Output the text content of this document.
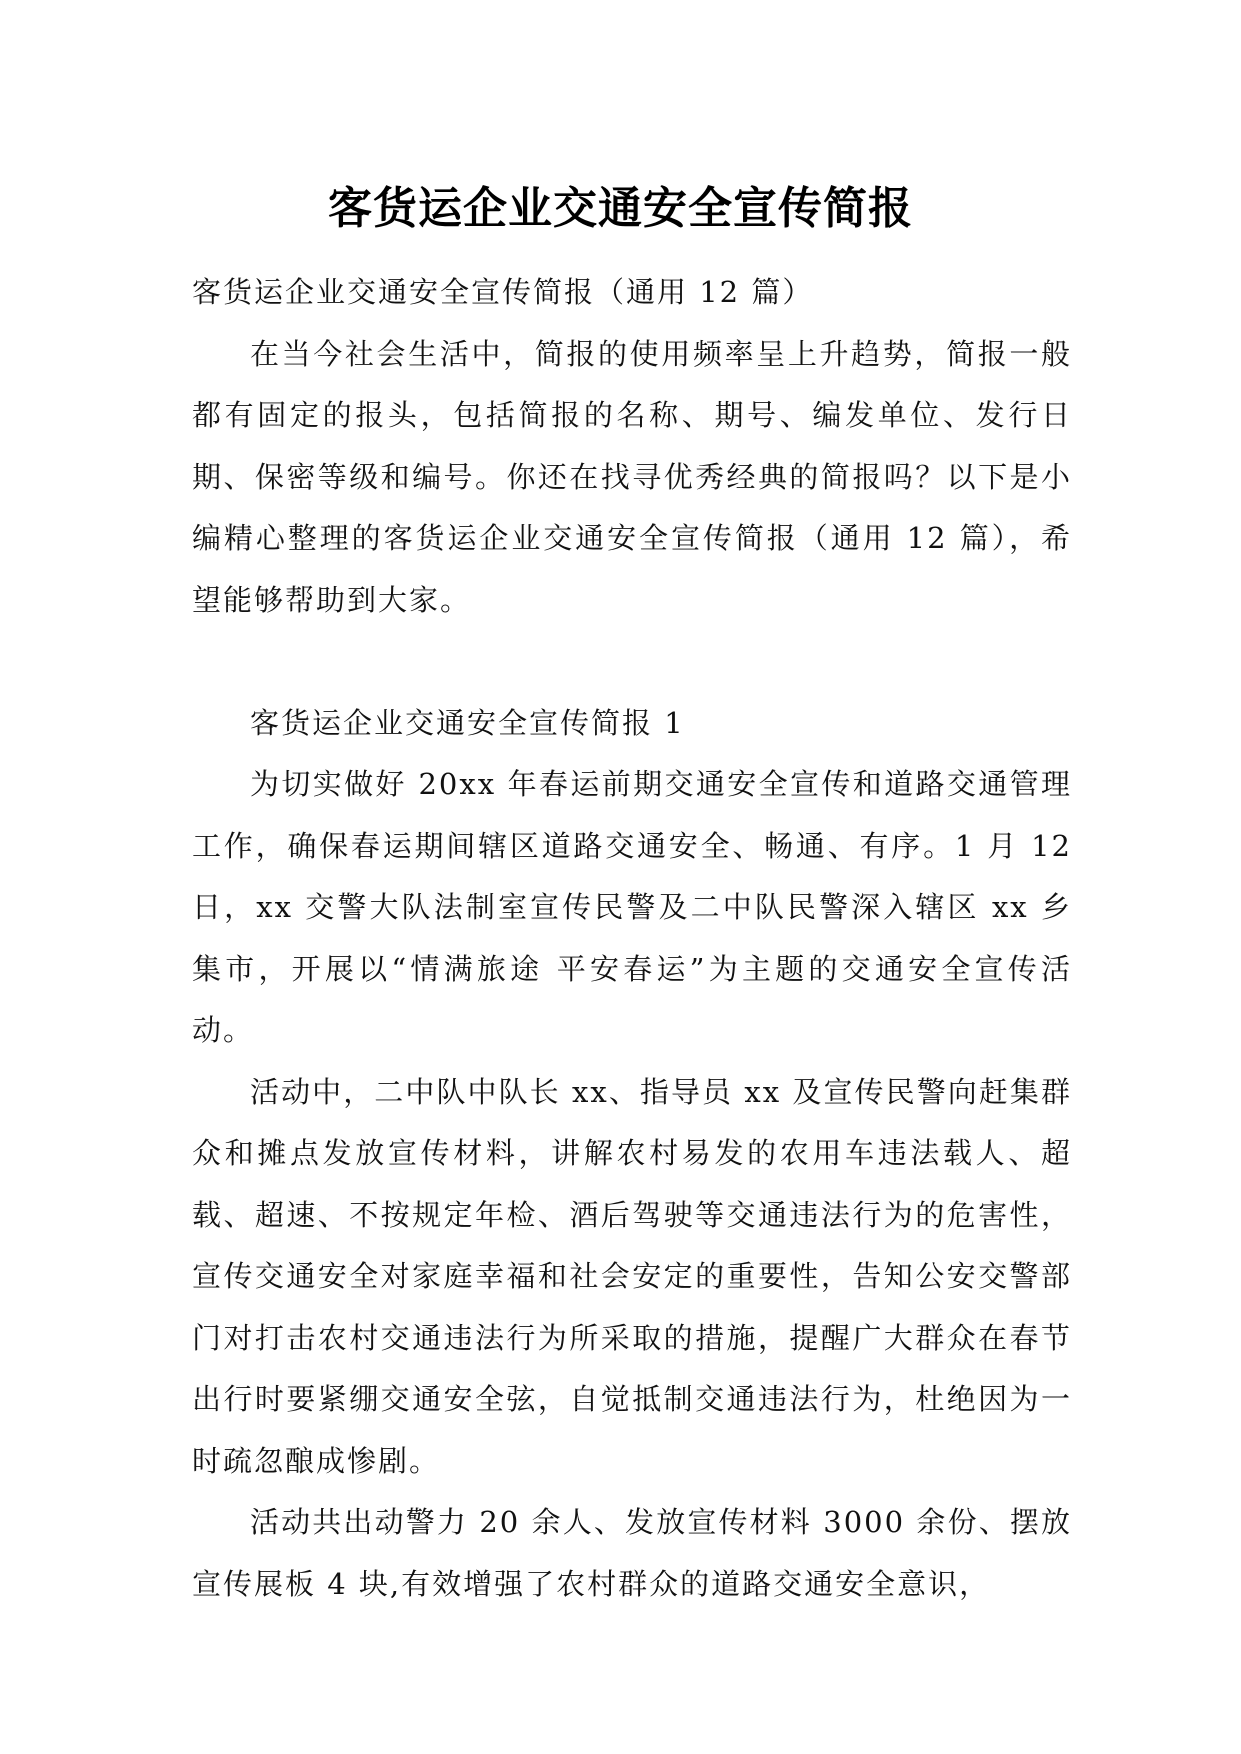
客货运企业交通安全宣传简报

客货运企业交通安全宣传简报（通用 12 篇）

在当今社会生活中，简报的使用频率呈上升趋势，简报一般都有固定的报头，包括简报的名称、期号、编发单位、发行日期、保密等级和编号。你还在找寻优秀经典的简报吗？以下是小编精心整理的客货运企业交通安全宣传简报（通用 12 篇），希望能够帮助到大家。

客货运企业交通安全宣传简报 1

为切实做好 20xx 年春运前期交通安全宣传和道路交通管理工作，确保春运期间辖区道路交通安全、畅通、有序。1 月 12 日，xx 交警大队法制室宣传民警及二中队民警深入辖区 xx 乡集市，开展以“情满旅途 平安春运”为主题的交通安全宣传活动。

活动中，二中队中队长 xx、指导员 xx 及宣传民警向赶集群众和摊点发放宣传材料，讲解农村易发的农用车违法载人、超载、超速、不按规定年检、酒后驾驶等交通违法行为的危害性，宣传交通安全对家庭幸福和社会安定的重要性，告知公安交警部门对打击农村交通违法行为所采取的措施，提醒广大群众在春节出行时要紧绷交通安全弦，自觉抵制交通违法行为，杜绝因为一时疏忽酿成惨剧。

活动共出动警力 20 余人、发放宣传材料 3000 余份、摆放宣传展板 4 块,有效增强了农村群众的道路交通安全意识，
